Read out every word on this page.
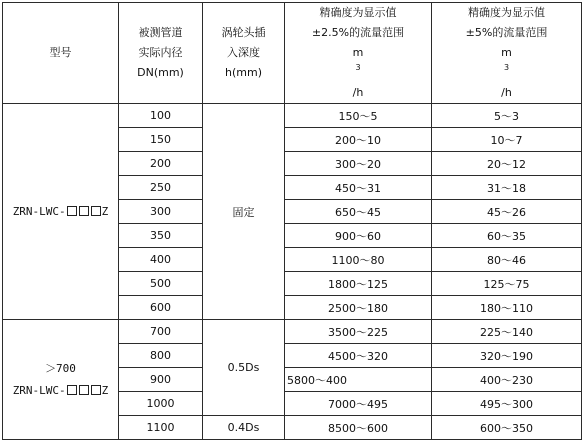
型号	被测管道
实际内径
DN(mm)	涡轮头插
入深度
h(mm)	精确度为显示值
±2.5%的流量范围
m
3
/h	精确度为显示值
±5%的流量范围
m
3
/h

ZRN-LWC- Z	100	固定	150～5	5～3
	150		200～10	10～7
	200		300～20	20～12
	250		450～31	31～18
	300		650～45	45～26
	350		900～60	60～35
	400		1100～80	80～46
	500		1800～125	125～75
	600		2500～180	180～110

＞700
ZRN-LWC- Z	700	0.5Ds	3500～225	225～140
	800		4500～320	320～190
	900		5800～400	400～230
	1000		7000～495	495～300
	1100	0.4Ds	8500～600	600～350
